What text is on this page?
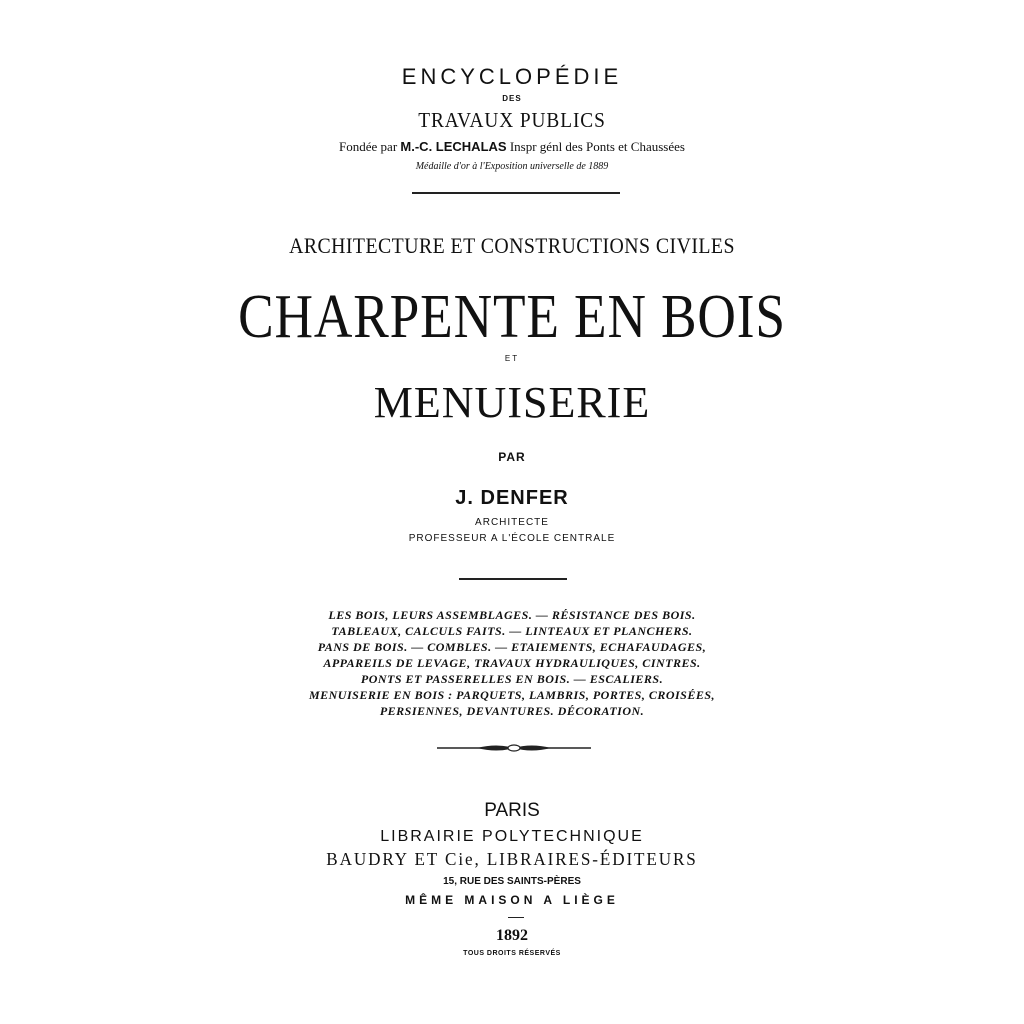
ENCYCLOPÉDIE
DES
TRAVAUX PUBLICS
Fondée par M.-C. LECHALAS Inspr génl des Ponts et Chaussées
Médaille d'or à l'Exposition universelle de 1889
ARCHITECTURE ET CONSTRUCTIONS CIVILES
CHARPENTE EN BOIS
ET
MENUISERIE
PAR
J. DENFER
ARCHITECTE
PROFESSEUR A L'ÉCOLE CENTRALE
LES BOIS, LEURS ASSEMBLAGES. — RÉSISTANCE DES BOIS.
TABLEAUX, CALCULS FAITS. — LINTEAUX ET PLANCHERS.
PANS DE BOIS. — COMBLES. — ETAIEMENTS, ECHAFAUDAGES,
APPAREILS DE LEVAGE, TRAVAUX HYDRAULIQUES, CINTRES.
PONTS ET PASSERELLES EN BOIS. — ESCALIERS.
MENUISERIE EN BOIS : PARQUETS, LAMBRIS, PORTES, CROISÉES,
PERSIENNES, DEVANTURES. DÉCORATION.
PARIS
LIBRAIRIE POLYTECHNIQUE
BAUDRY ET Cie, LIBRAIRES-ÉDITEURS
15, RUE DES SAINTS-PÈRES
MÊME MAISON A LIÈGE
1892
TOUS DROITS RÉSERVÉS
